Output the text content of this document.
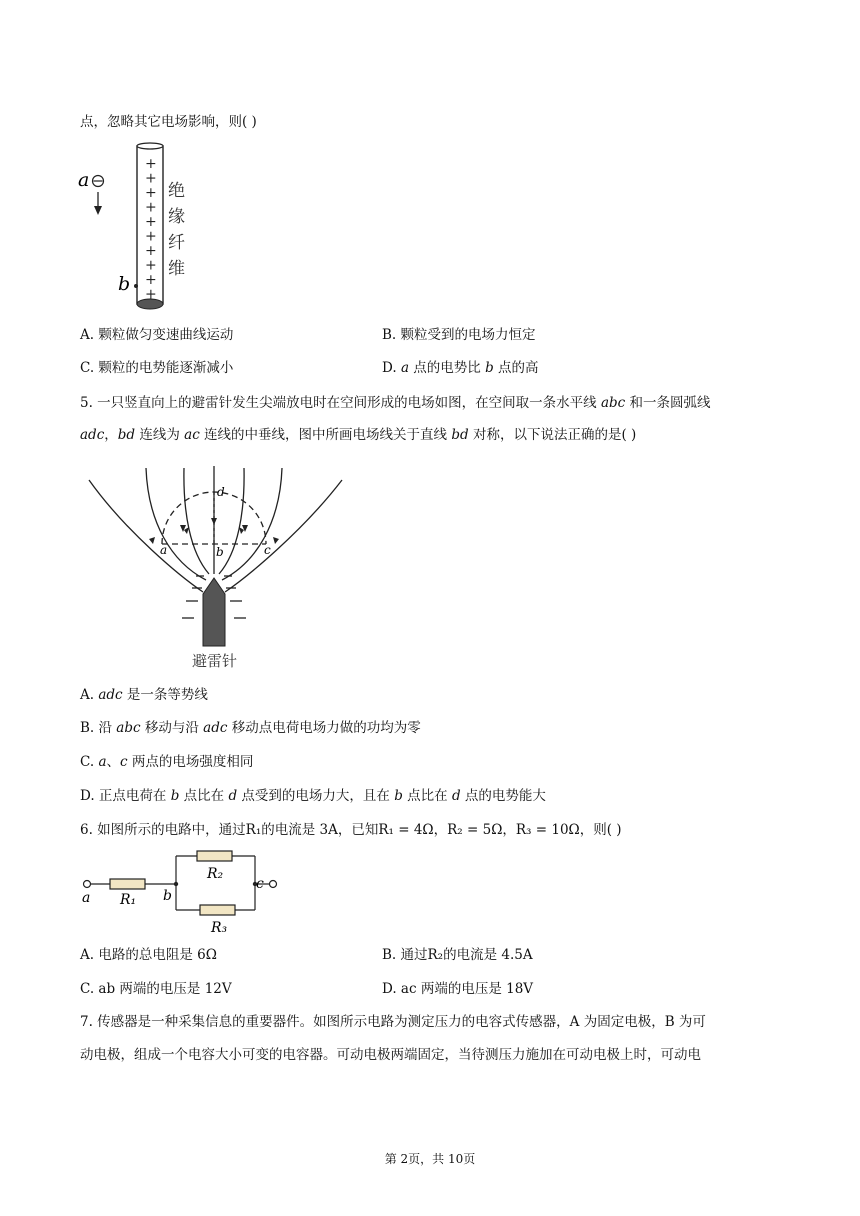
点，忽略其它电场影响，则( )
+
+
+
+
+
+
+
+
+
+
a
b
绝
缘
纤
维
A. 颗粒做匀变速曲线运动	B. 颗粒受到的电场力恒定
C. 颗粒的电势能逐渐减小	D. a 点的电势比 b 点的高
5. 一只竖直向上的避雷针发生尖端放电时在空间形成的电场如图，在空间取一条水平线 abc 和一条圆弧线
adc，bd 连线为 ac 连线的中垂线，图中所画电场线关于直线 bd 对称，以下说法正确的是( )
a	b	c
d
避雷针
A. adc 是一条等势线
B. 沿 abc 移动与沿 adc 移动点电荷电场力做的功均为零
C. a、c 两点的电场强度相同
D. 正点电荷在 b 点比在 d 点受到的电场力大，且在 b 点比在 d 点的电势能大
6. 如图所示的电路中，通过R₁的电流是 3A，已知R₁ = 4Ω，R₂ = 5Ω，R₃ = 10Ω，则( )
a	b
c
R₁
R₂
R₃
A. 电路的总电阻是 6Ω	B. 通过R₂的电流是 4.5A
C. ab 两端的电压是 12V	D. ac 两端的电压是 18V
7. 传感器是一种采集信息的重要器件。如图所示电路为测定压力的电容式传感器，A 为固定电极，B 为可
动电极，组成一个电容大小可变的电容器。可动电极两端固定，当待测压力施加在可动电极上时，可动电
第 2页，共 10页
